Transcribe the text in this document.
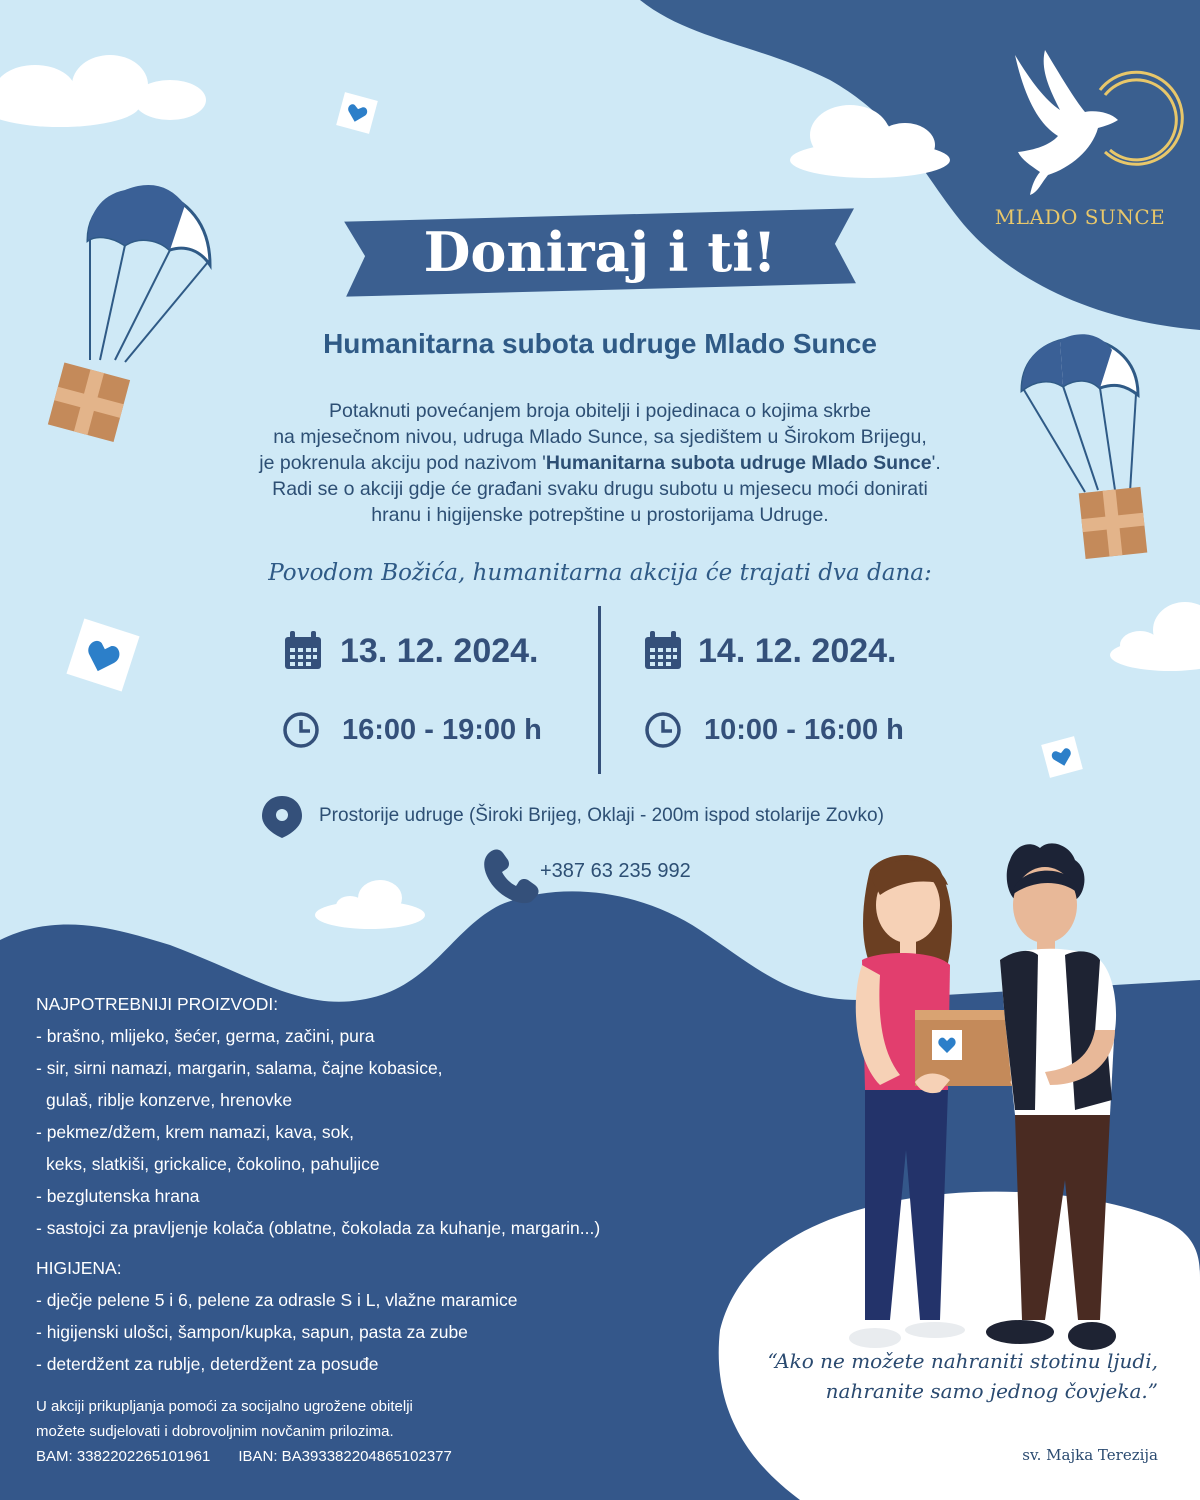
MLADO SUNCE
Doniraj i ti!
Humanitarna subota udruge Mlado Sunce

Potaknuti povećanjem broja obitelji i pojedinaca o kojima skrbe

na mjesečnom nivou, udruga Mlado Sunce, sa sjedištem u Širokom Brijegu,

je pokrenula akciju pod nazivom 'Humanitarna subota udruge Mlado Sunce'.

Radi se o akciji gdje će građani svaku drugu subotu u mjesecu moći donirati

hranu i higijenske potrepštine u prostorijama Udruge.

Povodom Božića, humanitarna akcija će trajati dva dana:
13. 12. 2024.	14. 12. 2024.
16:00 - 19:00 h	10:00 - 16:00 h
Prostorije udruge (Široki Brijeg, Oklaji - 200m ispod stolarije Zovko)
+387 63 235 992
NAJPOTREBNIJI PROIZVODI:
- brašno, mlijeko, šećer, germa, začini, pura
- sir, sirni namazi, margarin, salama, čajne kobasice,
gulaš, riblje konzerve, hrenovke
- pekmez/džem, krem namazi, kava, sok,
keks, slatkiši, grickalice, čokolino, pahuljice
- bezglutenska hrana
- sastojci za pravljenje kolača (oblatne, čokolada za kuhanje, margarin...)
HIGIJENA:
- dječje pelene 5 i 6, pelene za odrasle S i L, vlažne maramice
- higijenski ulošci, šampon/kupka, sapun, pasta za zube
- deterdžent za rublje, deterdžent za posuđe
U akciji prikupljanja pomoći za socijalno ugrožene obitelji
možete sudjelovati i dobrovoljnim novčanim prilozima.
BAM: 3382202265101961 IBAN: BA393382204865102377
“Ako ne možete nahraniti stotinu ljudi,
nahranite samo jednog čovjeka.”
sv. Majka Terezija
